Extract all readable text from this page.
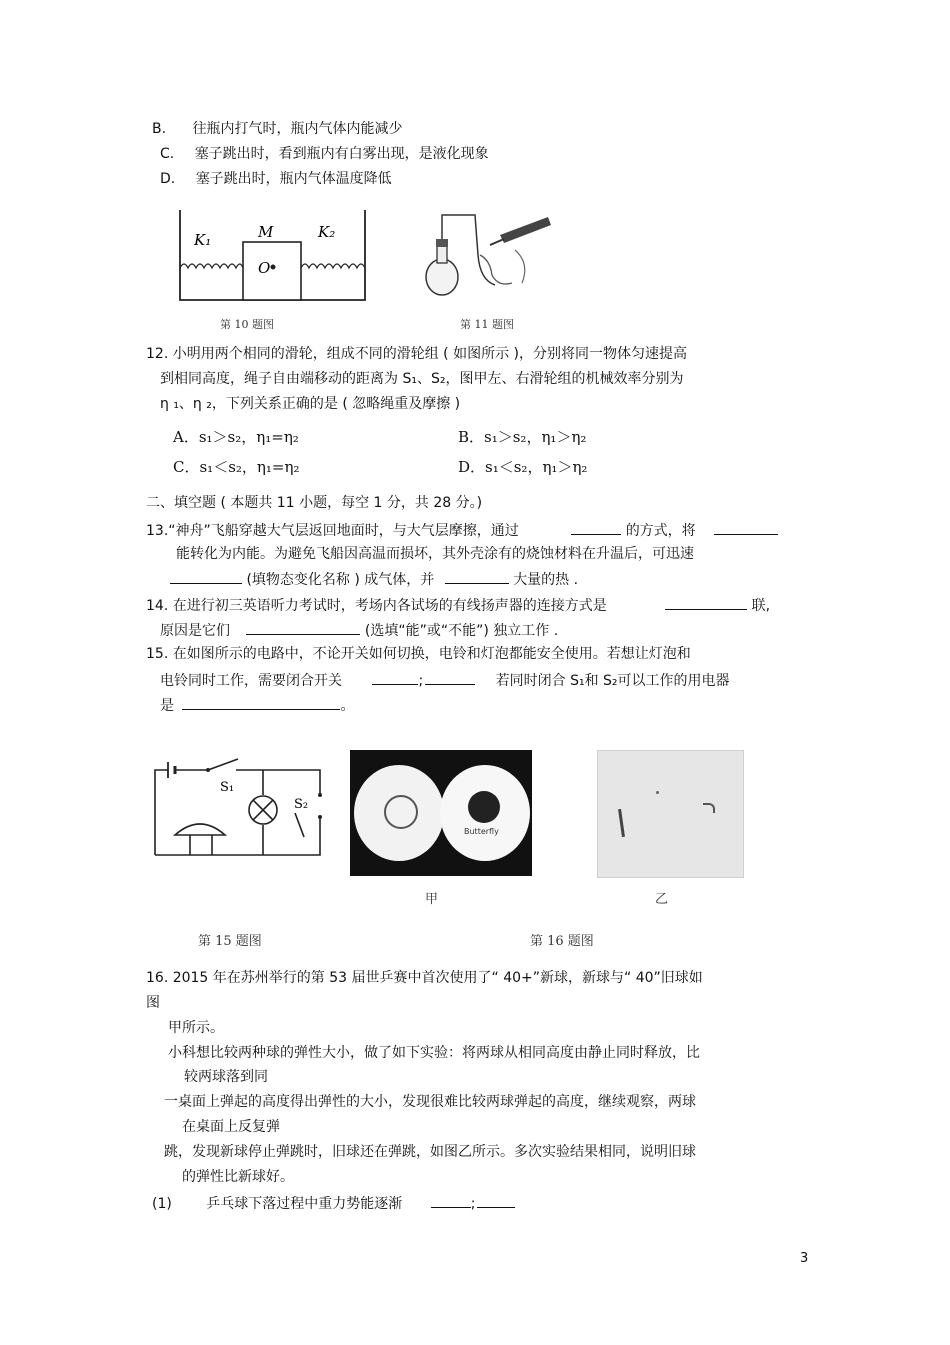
B. 往瓶内打气时，瓶内气体内能减少
C. 塞子跳出时，看到瓶内有白雾出现，是液化现象
D. 塞子跳出时，瓶内气体温度降低
K₁	M	K₂
O
第 10 题图	第 11 题图
12. 小明用两个相同的滑轮，组成不同的滑轮组 ( 如图所示 )，分别将同一物体匀速提高
到相同高度，绳子自由端移动的距离为 S₁、S₂，图甲左、右滑轮组的机械效率分别为
η ₁、η ₂，下列关系正确的是 ( 忽略绳重及摩擦 )
A．s₁＞s₂，η₁=η₂	B．s₁＞s₂，η₁＞η₂
C．s₁＜s₂，η₁=η₂	D．s₁＜s₂，η₁＞η₂
二、填空题 ( 本题共 11 小题，每空 1 分，共 28 分。)
13.“神舟”飞船穿越大气层返回地面时，与大气层摩擦，通过	的方式，将
能转化为内能。为避免飞船因高温而损坏，其外壳涂有的烧蚀材料在升温后，可迅速
(填物态变化名称 ) 成气体，并	大量的热 .
14. 在进行初三英语听力考试时，考场内各试场的有线扬声器的连接方式是	联,
原因是它们	(选填“能”或“不能”) 独立工作 .
15. 在如图所示的电路中，不论开关如何切换，电铃和灯泡都能安全使用。若想让灯泡和
电铃同时工作，需要闭合开关	;	若同时闭合 S₁和 S₂可以工作的用电器
是	。
S₁
S₂
第 15 题图
Butterfly
甲	乙
第 16 题图
16. 2015 年在苏州举行的第 53 届世乒赛中首次使用了“ 40+”新球，新球与“ 40”旧球如
图
甲所示。
小科想比较两种球的弹性大小，做了如下实验：将两球从相同高度由静止同时释放，比
较两球落到同
一桌面上弹起的高度得出弹性的大小，发现很难比较两球弹起的高度，继续观察，两球
在桌面上反复弹
跳，发现新球停止弹跳时，旧球还在弹跳，如图乙所示。多次实验结果相同，说明旧球
的弹性比新球好。
(1) 乒乓球下落过程中重力势能逐渐	;
3
